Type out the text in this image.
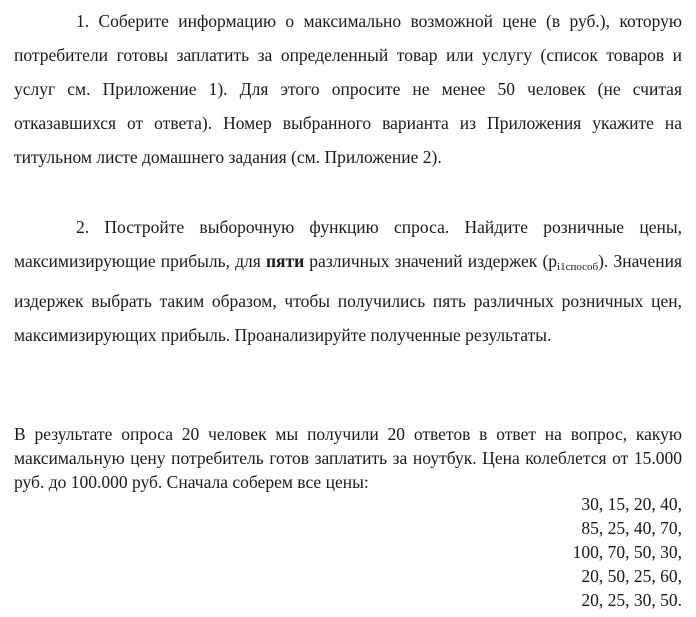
1. Соберите информацию о максимально возможной цене (в руб.), которую потребители готовы заплатить за определенный товар или услугу (список товаров и услуг см. Приложение 1). Для этого опросите не менее 50 человек (не считая отказавшихся от ответа). Номер выбранного варианта из Приложения укажите на титульном листе домашнего задания (см. Приложение 2).

2. Постройте выборочную функцию спроса. Найдите розничные цены, максимизирующие прибыль, для пяти различных значений издержек $(p_{i1способ})$. Значения издержек выбрать таким образом, чтобы получились пять различных розничных цен, максимизирующих прибыль. Проанализируйте полученные результаты.

В результате опроса 20 человек мы получили 20 ответов в ответ на вопрос, какую максимальную цену потребитель готов заплатить за ноутбук. Цена колеблется от 15.000 руб. до 100.000 руб. Сначала соберем все цены:

30, 15, 20, 40,
85, 25, 40, 70,
100, 70, 50, 30,
20, 50, 25, 60,
20, 25, 30, 50.
